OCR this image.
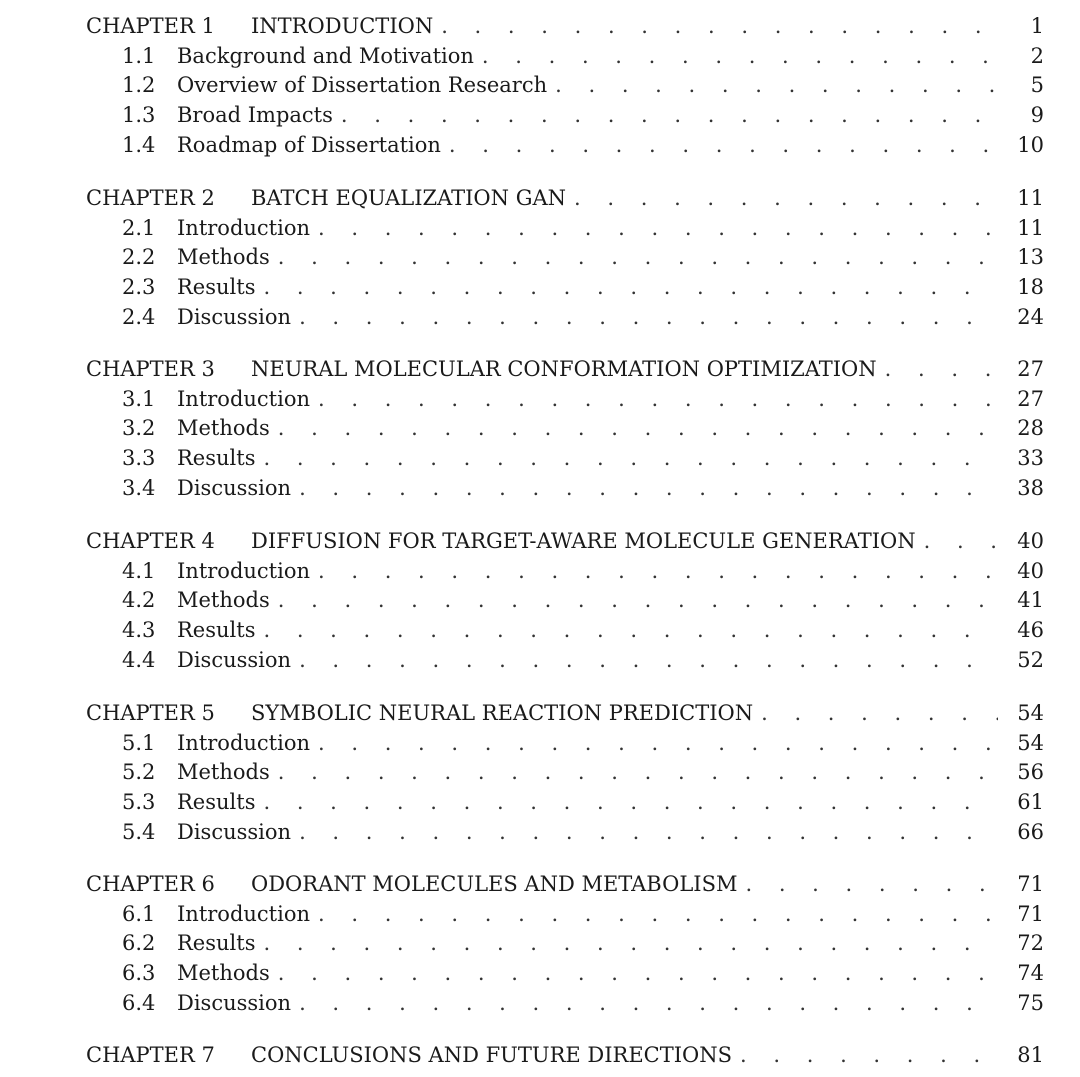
CHAPTER 1	INTRODUCTION . . .	1
1.1	Background and Motivation . . .	2
1.2	Overview of Dissertation Research . . .	5
1.3	Broad Impacts . . .	9
1.4	Roadmap of Dissertation . . .	10
CHAPTER 2	BATCH EQUALIZATION GAN . . .	11
2.1	Introduction . . .	11
2.2	Methods . . .	13
2.3	Results . . .	18
2.4	Discussion . . .	24
CHAPTER 3	NEURAL MOLECULAR CONFORMATION OPTIMIZATION . . .	27
3.1	Introduction . . .	27
3.2	Methods . . .	28
3.3	Results . . .	33
3.4	Discussion . . .	38
CHAPTER 4	DIFFUSION FOR TARGET-AWARE MOLECULE GENERATION . . .	40
4.1	Introduction . . .	40
4.2	Methods . . .	41
4.3	Results . . .	46
4.4	Discussion . . .	52
CHAPTER 5	SYMBOLIC NEURAL REACTION PREDICTION . . .	54
5.1	Introduction . . .	54
5.2	Methods . . .	56
5.3	Results . . .	61
5.4	Discussion . . .	66
CHAPTER 6	ODORANT MOLECULES AND METABOLISM . . .	71
6.1	Introduction . . .	71
6.2	Results . . .	72
6.3	Methods . . .	74
6.4	Discussion . . .	75
CHAPTER 7	CONCLUSIONS AND FUTURE DIRECTIONS . . .	81
